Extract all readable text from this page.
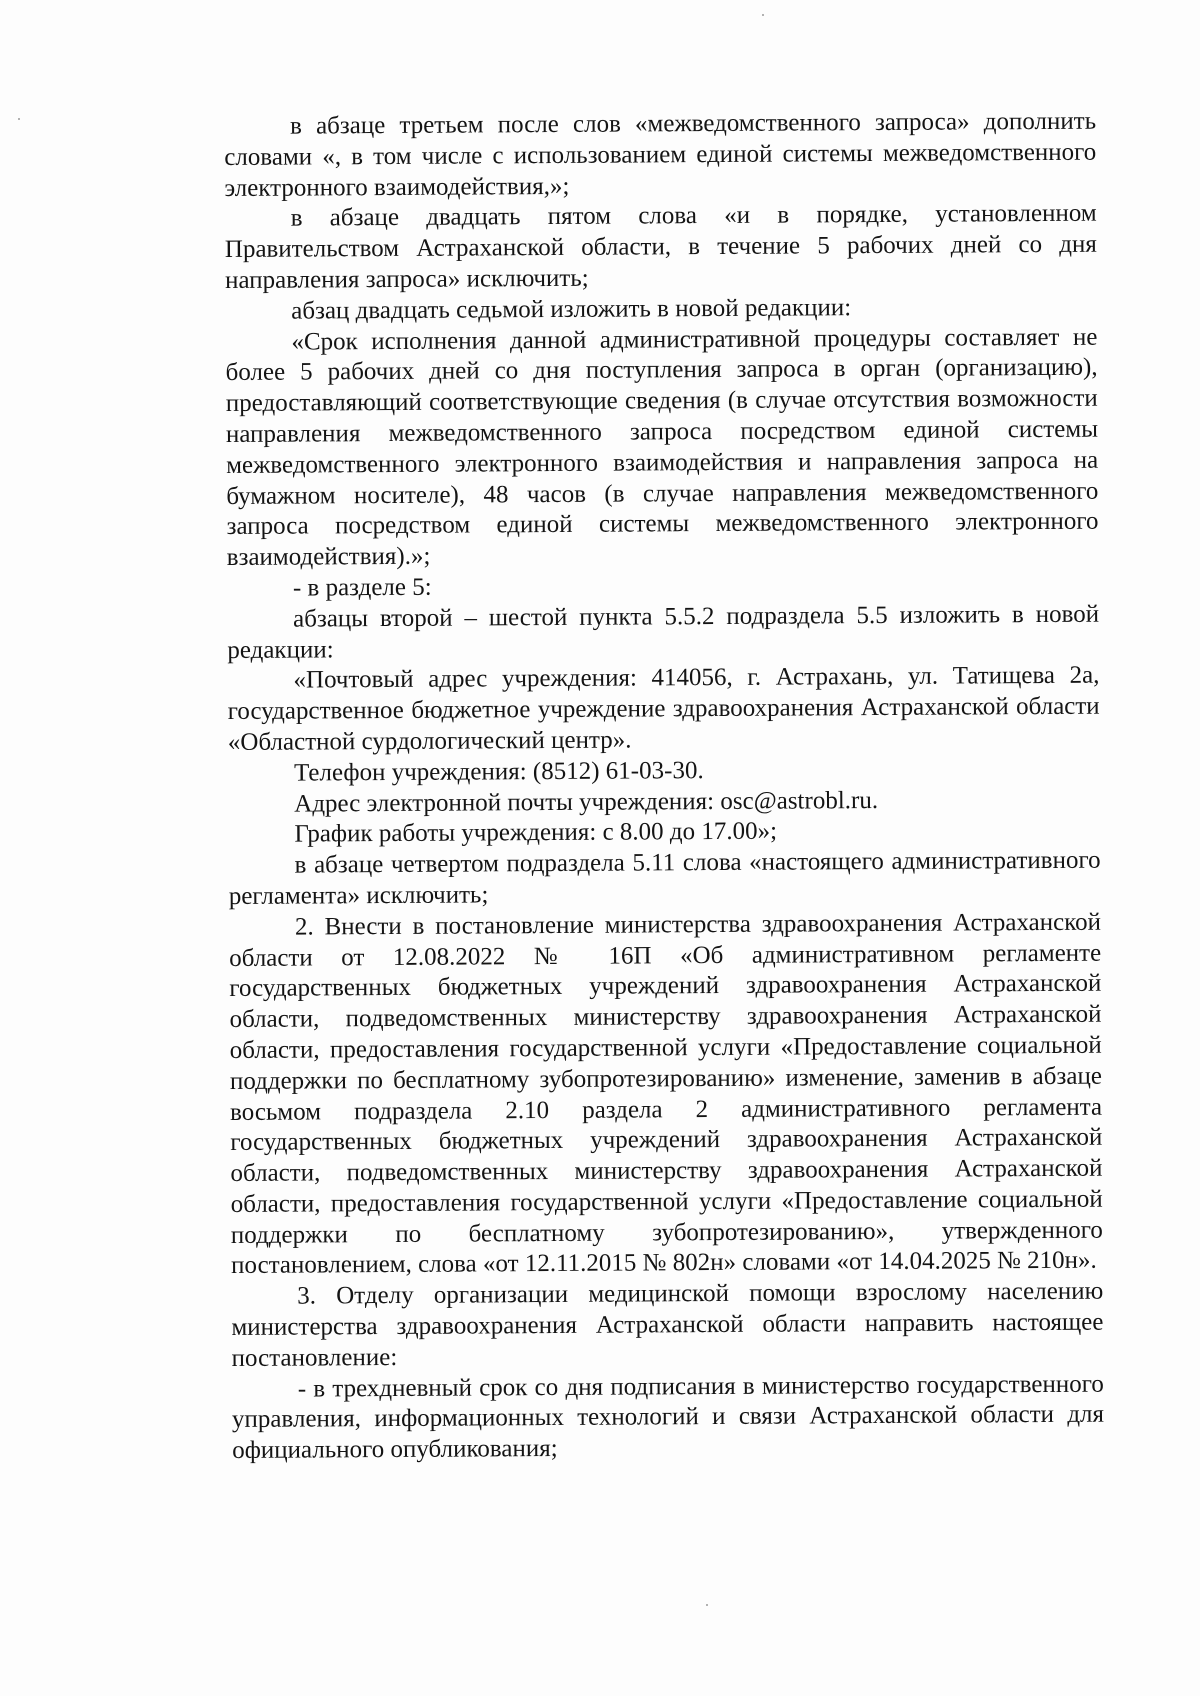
в абзаце третьем после слов «межведомственного запроса» дополнить словами «, в том числе с использованием единой системы межведомственного электронного взаимодействия,»;

в абзаце двадцать пятом слова «и в порядке, установленном Правительством Астраханской области, в течение 5 рабочих дней со дня направления запроса» исключить;

абзац двадцать седьмой изложить в новой редакции:

«Срок исполнения данной административной процедуры составляет не более 5 рабочих дней со дня поступления запроса в орган (организацию), предоставляющий соответствующие сведения (в случае отсутствия возможности направления межведомственного запроса посредством единой системы межведомственного электронного взаимодействия и направления запроса на бумажном носителе), 48 часов (в случае направления межведомственного запроса посредством единой системы межведомственного электронного взаимодействия).»;

- в разделе 5:

абзацы второй – шестой пункта 5.5.2 подраздела 5.5 изложить в новой редакции:

«Почтовый адрес учреждения: 414056, г. Астрахань, ул. Татищева 2а, государственное бюджетное учреждение здравоохранения Астраханской области «Областной сурдологический центр».

Телефон учреждения: (8512) 61-03-30.

Адрес электронной почты учреждения: osc@astrobl.ru.

График работы учреждения: с 8.00 до 17.00»;

в абзаце четвертом подраздела 5.11 слова «настоящего административного регламента» исключить;

2. Внести в постановление министерства здравоохранения Астраханской области от 12.08.2022 № 16П «Об административном регламенте государственных бюджетных учреждений здравоохранения Астраханской области, подведомственных министерству здравоохранения Астраханской области, предоставления государственной услуги «Предоставление социальной поддержки по бесплатному зубопротезированию» изменение, заменив в абзаце восьмом подраздела 2.10 раздела 2 административного регламента государственных бюджетных учреждений здравоохранения Астраханской области, подведомственных министерству здравоохранения Астраханской области, предоставления государственной услуги «Предоставление социальной поддержки по бесплатному зубопротезированию», утвержденного постановлением, слова «от 12.11.2015 № 802н» словами «от 14.04.2025 № 210н».

3. Отделу организации медицинской помощи взрослому населению министерства здравоохранения Астраханской области направить настоящее постановление:

- в трехдневный срок со дня подписания в министерство государственного управления, информационных технологий и связи Астраханской области для официального опубликования;
